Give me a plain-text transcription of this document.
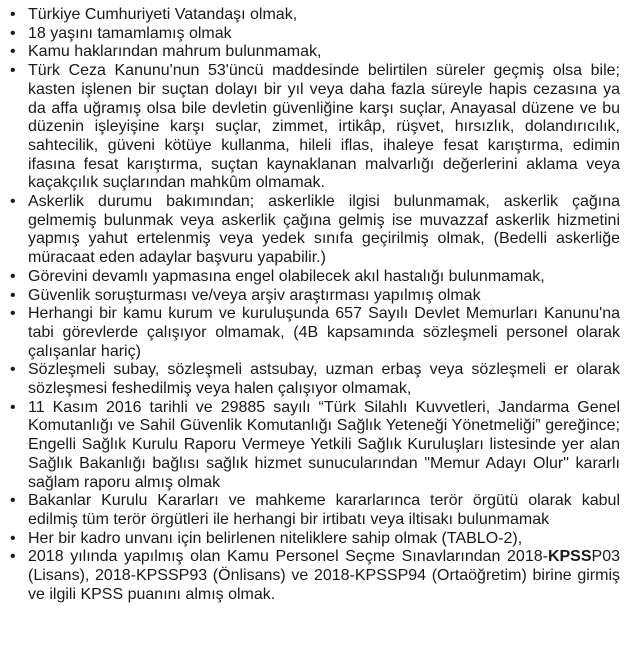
• Türkiye Cumhuriyeti Vatandaşı olmak,
• 18 yaşını tamamlamış olmak
• Kamu haklarından mahrum bulunmamak,
• Türk Ceza Kanunu'nun 53'üncü maddesinde belirtilen süreler geçmiş olsa bile; kasten işlenen bir suçtan dolayı bir yıl veya daha fazla süreyle hapis cezasına ya da affa uğramış olsa bile devletin güvenliğine karşı suçlar, Anayasal düzene ve bu düzenin işleyişine karşı suçlar, zimmet, irtikâp, rüşvet, hırsızlık, dolandırıcılık, sahtecilik, güveni kötüye kullanma, hileli iflas, ihaleye fesat karıştırma, edimin ifasına fesat karıştırma, suçtan kaynaklanan malvarlığı değerlerini aklama veya kaçakçılık suçlarından mahkûm olmamak.
• Askerlik durumu bakımından; askerlikle ilgisi bulunmamak, askerlik çağına gelmemiş bulunmak veya askerlik çağına gelmiş ise muvazzaf askerlik hizmetini yapmış yahut ertelenmiş veya yedek sınıfa geçirilmiş olmak, (Bedelli askerliğe müracaat eden adaylar başvuru yapabilir.)
• Görevini devamlı yapmasına engel olabilecek akıl hastalığı bulunmamak,
• Güvenlik soruşturması ve/veya arşiv araştırması yapılmış olmak
• Herhangi bir kamu kurum ve kuruluşunda 657 Sayılı Devlet Memurları Kanunu'na tabi görevlerde çalışıyor olmamak, (4B kapsamında sözleşmeli personel olarak çalışanlar hariç)
• Sözleşmeli subay, sözleşmeli astsubay, uzman erbaş veya sözleşmeli er olarak sözleşmesi feshedilmiş veya halen çalışıyor olmamak,
• 11 Kasım 2016 tarihli ve 29885 sayılı “Türk Silahlı Kuvvetleri, Jandarma Genel Komutanlığı ve Sahil Güvenlik Komutanlığı Sağlık Yeteneği Yönetmeliği” gereğince; Engelli Sağlık Kurulu Raporu Vermeye Yetkili Sağlık Kuruluşları listesinde yer alan Sağlık Bakanlığı bağlısı sağlık hizmet sunucularından "Memur Adayı Olur" kararlı sağlam raporu almış olmak
• Bakanlar Kurulu Kararları ve mahkeme kararlarınca terör örgütü olarak kabul edilmiş tüm terör örgütleri ile herhangi bir irtibatı veya iltisakı bulunmamak
• Her bir kadro unvanı için belirlenen niteliklere sahip olmak (TABLO-2),
• 2018 yılında yapılmış olan Kamu Personel Seçme Sınavlarından 2018-KPSSP03 (Lisans), 2018-KPSSP93 (Önlisans) ve 2018-KPSSP94 (Ortaöğretim) birine girmiş ve ilgili KPSS puanını almış olmak.
